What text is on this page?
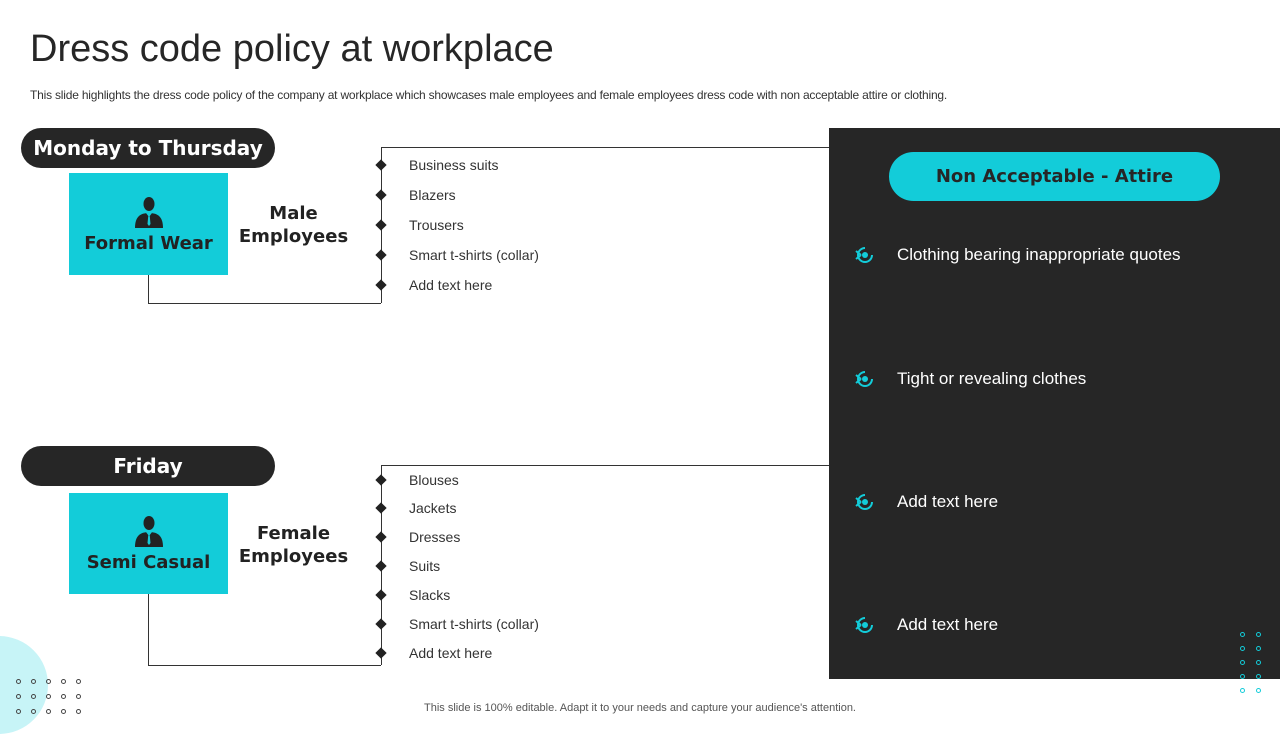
Dress code policy at workplace
This slide highlights the dress code policy of the company at workplace which showcases male employees and female employees dress code with non acceptable attire or clothing.
Monday to Thursday
Formal Wear
Male
Employees
Business suits
Blazers
Trousers
Smart t-shirts (collar)
Add text here
Friday
Semi Casual
Female
Employees
Blouses
Jackets
Dresses
Suits
Slacks
Smart t-shirts (collar)
Add text here
Non Acceptable - Attire
Clothing bearing inappropriate quotes
Tight or revealing clothes
Add text here
Add text here
This slide is 100% editable. Adapt it to your needs and capture your audience's attention.
